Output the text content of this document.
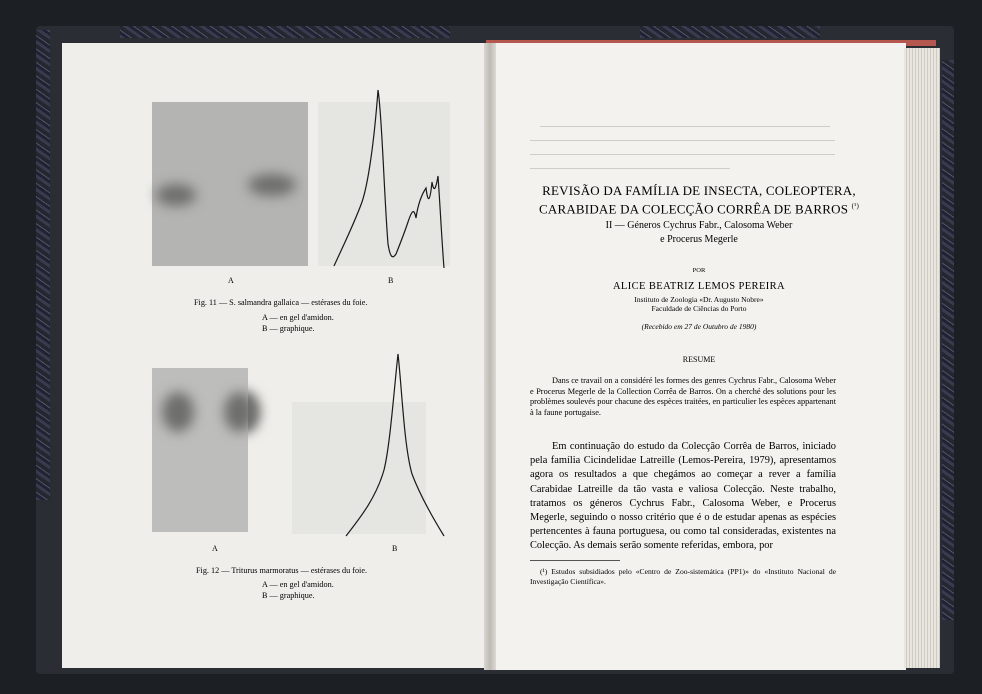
A	B
Fig. 11 — S. salmandra gallaica — estérases du foie.
A — en gel d'amidon.
B — graphique.
A	B
Fig. 12 — Triturus marmoratus — estérases du foie.
A — en gel d'amidon.
B — graphique.
REVISÃO DA FAMÍLIA DE INSECTA, COLEOPTERA,
CARABIDAE DA COLECÇÃO CORRÊA DE BARROS $^{(^1)}$
II — Géneros Cychrus Fabr., Calosoma Weber
e Procerus Megerle
POR
ALICE BEATRIZ LEMOS PEREIRA
Instituto de Zoologia «Dr. Augusto Nobre»
Faculdade de Ciências do Porto
(Recebido em 27 de Outubro de 1980)
RESUME
Dans ce travail on a considéré les formes des genres Cychrus Fabr., Calosoma Weber e Procerus Megerle de la Collection Corrêa de Barros. On a cherché des solutions pour les problèmes soulevés pour chacune des espèces traitées, en particulier les espèces appartenant à la faune portugaise.
Em continuação do estudo da Colecção Corrêa de Barros, iniciado pela família Cicindelidae Latreille (Lemos-Pereira, 1979), apresentamos agora os resultados a que chegámos ao começar a rever a família Carabidae Latreille da tão vasta e valiosa Colecção. Neste trabalho, tratamos os géneros Cychrus Fabr., Calosoma Weber, e Procerus Megerle, seguindo o nosso critério que é o de estudar apenas as espécies pertencentes à fauna portuguesa, ou como tal consideradas, existentes na Colecção. As demais serão somente referidas, embora, por
(¹) Estudos subsidiados pelo «Centro de Zoo-sistemática (PP1)» do «Instituto Nacional de Investigação Científica».
